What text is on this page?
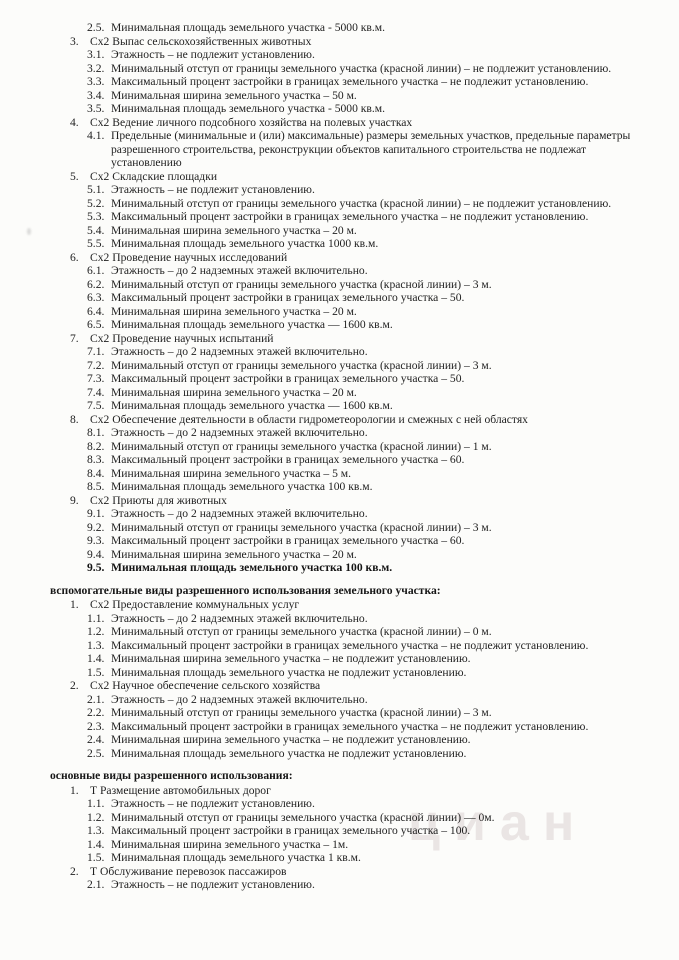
циан
2.5. Минимальная площадь земельного участка - 5000 кв.м.
3. Сх2 Выпас сельскохозяйственных животных
3.1. Этажность – не подлежит установлению.
3.2. Минимальный отступ от границы земельного участка (красной линии) – не подлежит установлению.
3.3. Максимальный процент застройки в границах земельного участка – не подлежит установлению.
3.4. Минимальная ширина земельного участка – 50 м.
3.5. Минимальная площадь земельного участка - 5000 кв.м.
4. Сх2 Ведение личного подсобного хозяйства на полевых участках
4.1. Предельные (минимальные и (или) максимальные) размеры земельных участков, предельные параметры разрешенного строительства, реконструкции объектов капитального строительства не подлежат установлению
5. Сх2 Складские площадки
5.1. Этажность – не подлежит установлению.
5.2. Минимальный отступ от границы земельного участка (красной линии) – не подлежит установлению.
5.3. Максимальный процент застройки в границах земельного участка – не подлежит установлению.
5.4. Минимальная ширина земельного участка – 20 м.
5.5. Минимальная площадь земельного участка 1000 кв.м.
6. Сх2 Проведение научных исследований
6.1. Этажность – до 2 надземных этажей включительно.
6.2. Минимальный отступ от границы земельного участка (красной линии) – 3 м.
6.3. Максимальный процент застройки в границах земельного участка – 50.
6.4. Минимальная ширина земельного участка – 20 м.
6.5. Минимальная площадь земельного участка — 1600 кв.м.
7. Сх2 Проведение научных испытаний
7.1. Этажность – до 2 надземных этажей включительно.
7.2. Минимальный отступ от границы земельного участка (красной линии) – 3 м.
7.3. Максимальный процент застройки в границах земельного участка – 50.
7.4. Минимальная ширина земельного участка – 20 м.
7.5. Минимальная площадь земельного участка — 1600 кв.м.
8. Сх2 Обеспечение деятельности в области гидрометеорологии и смежных с ней областях
8.1. Этажность – до 2 надземных этажей включительно.
8.2. Минимальный отступ от границы земельного участка (красной линии) – 1 м.
8.3. Максимальный процент застройки в границах земельного участка – 60.
8.4. Минимальная ширина земельного участка – 5 м.
8.5. Минимальная площадь земельного участка 100 кв.м.
9. Сх2 Приюты для животных
9.1. Этажность – до 2 надземных этажей включительно.
9.2. Минимальный отступ от границы земельного участка (красной линии) – 3 м.
9.3. Максимальный процент застройки в границах земельного участка – 60.
9.4. Минимальная ширина земельного участка – 20 м.
9.5. Минимальная площадь земельного участка 100 кв.м.
вспомогательные виды разрешенного использования земельного участка:
1. Сх2 Предоставление коммунальных услуг
1.1. Этажность – до 2 надземных этажей включительно.
1.2. Минимальный отступ от границы земельного участка (красной линии) – 0 м.
1.3. Максимальный процент застройки в границах земельного участка – не подлежит установлению.
1.4. Минимальная ширина земельного участка – не подлежит установлению.
1.5. Минимальная площадь земельного участка не подлежит установлению.
2. Сх2 Научное обеспечение сельского хозяйства
2.1. Этажность – до 2 надземных этажей включительно.
2.2. Минимальный отступ от границы земельного участка (красной линии) – 3 м.
2.3. Максимальный процент застройки в границах земельного участка – не подлежит установлению.
2.4. Минимальная ширина земельного участка – не подлежит установлению.
2.5. Минимальная площадь земельного участка не подлежит установлению.
основные виды разрешенного использования:
1. Т Размещение автомобильных дорог
1.1. Этажность – не подлежит установлению.
1.2. Минимальный отступ от границы земельного участка (красной линии) — 0м.
1.3. Максимальный процент застройки в границах земельного участка – 100.
1.4. Минимальная ширина земельного участка – 1м.
1.5. Минимальная площадь земельного участка 1 кв.м.
2. Т Обслуживание перевозок пассажиров
2.1. Этажность – не подлежит установлению.
